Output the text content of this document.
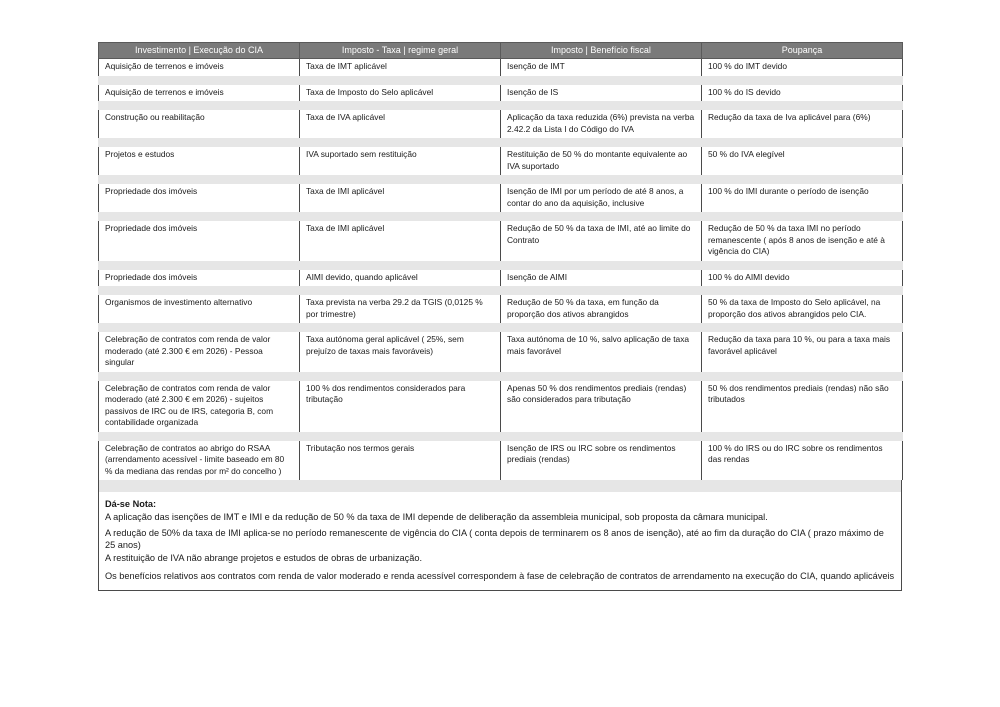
Investimento | Execução do CIA	Imposto - Taxa | regime geral	Imposto | Benefício fiscal	Poupança
Aquisição de terrenos e imóveis	Taxa de IMT aplicável	Isenção de IMT	100 % do IMT devido

Aquisição de terrenos e imóveis	Taxa de Imposto do Selo aplicável	Isenção de IS	100 % do IS devido

Construção ou reabilitação	Taxa de IVA aplicável	Aplicação da taxa reduzida (6%) prevista na verba 2.42.2 da Lista I do Código do IVA	Redução da taxa de Iva aplicável para (6%)

Projetos e estudos	IVA suportado sem restituição	Restituição de 50 % do montante equivalente ao IVA suportado	50 % do IVA elegível

Propriedade dos imóveis	Taxa de IMI aplicável	Isenção de IMI por um período de até 8 anos, a contar do ano da aquisição, inclusive	100 % do IMI durante o período de isenção

Propriedade dos imóveis	Taxa de IMI aplicável	Redução de 50 % da taxa de IMI, até ao limite do Contrato	Redução de 50 % da taxa IMI no período remanescente ( após 8 anos de isenção e até à vigência do CIA)

Propriedade dos imóveis	AIMI devido, quando aplicável	Isenção de AIMI	100 % do AIMI devido

Organismos de investimento alternativo	Taxa prevista na verba 29.2 da TGIS (0,0125 % por trimestre)	Redução de 50 % da taxa, em função da proporção dos ativos abrangidos	50 % da taxa de Imposto do Selo aplicável, na proporção dos ativos abrangidos pelo CIA.

Celebração de contratos com renda de valor moderado (até 2.300 € em 2026) - Pessoa singular	Taxa autónoma geral aplicável ( 25%, sem prejuízo de taxas mais favoráveis)	Taxa autónoma de 10 %, salvo aplicação de taxa mais favorável	Redução da taxa para 10 %, ou para a taxa mais favorável aplicável

Celebração de contratos com renda de valor moderado (até 2.300 € em 2026) - sujeitos passivos de IRC ou de IRS, categoria B, com contabilidade organizada	100 % dos rendimentos considerados para tributação	Apenas 50 % dos rendimentos prediais (rendas) são considerados para tributação	50 % dos rendimentos prediais (rendas) não são tributados

Celebração de contratos ao abrigo do RSAA (arrendamento acessível - limite baseado em 80 % da mediana das rendas por m² do concelho )	Tributação nos termos gerais	Isenção de IRS ou IRC sobre os rendimentos prediais (rendas)	100 % do IRS ou do IRC sobre os rendimentos das rendas
Dá-se Nota:

A aplicação das isenções de IMT e IMI e da redução de 50 % da taxa de IMI depende de deliberação da assembleia municipal, sob proposta da câmara municipal.

A redução de 50% da taxa de IMI aplica-se no período remanescente de vigência do CIA ( conta depois de terminarem os 8 anos de isenção), até ao fim da duração do CIA ( prazo máximo de 25 anos)

A restituição de IVA não abrange projetos e estudos de obras de urbanização.

Os benefícios relativos aos contratos com renda de valor moderado e renda acessível correspondem à fase de celebração de contratos de arrendamento na execução do CIA, quando aplicáveis
